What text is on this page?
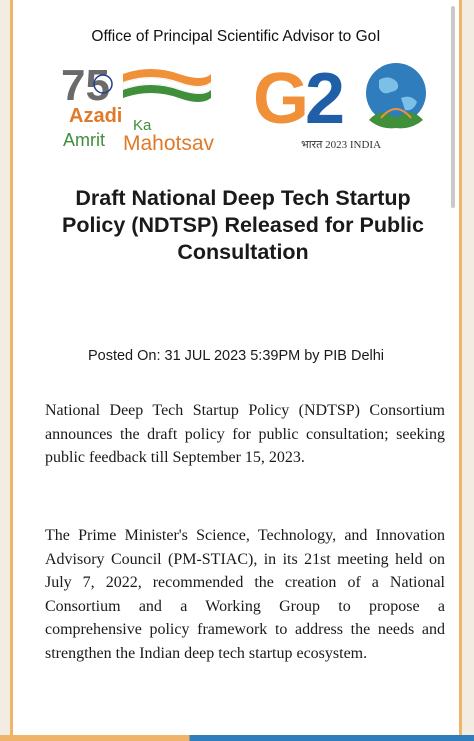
Office of Principal Scientific Advisor to GoI
75
Azadi Ka
Amrit Mahotsav
G
2
भारत 2023 INDIA
Draft National Deep Tech Startup Policy (NDTSP) Released for Public Consultation
Posted On: 31 JUL 2023 5:39PM by PIB Delhi

National Deep Tech Startup Policy (NDTSP) Consortium announces the draft policy for public consultation; seeking public feedback till September 15, 2023.

The Prime Minister's Science, Technology, and Innovation Advisory Council (PM-STIAC), in its 21st meeting held on July 7, 2022, recommended the creation of a National Consortium and a Working Group to propose a comprehensive policy framework to address the needs and strengthen the Indian deep tech startup ecosystem.
